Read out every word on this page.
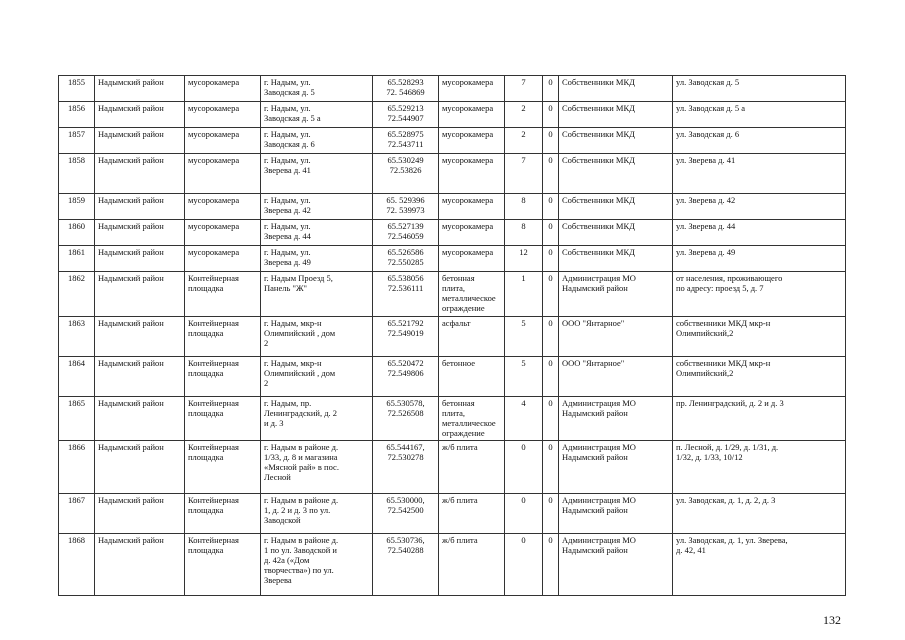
1855	Надымский район	мусорокамера	г. Надым, ул.
Заводская д. 5	65.528293
72. 546869	мусорокамера	7	0	Собственники МКД	ул. Заводская д. 5
1856	Надымский район	мусорокамера	г. Надым, ул.
Заводская д. 5 а	65.529213
72.544907	мусорокамера	2	0	Собственники МКД	ул. Заводская д. 5 а
1857	Надымский район	мусорокамера	г. Надым, ул.
Заводская д. 6	65.528975
72.543711	мусорокамера	2	0	Собственники МКД	ул. Заводская д. 6
1858	Надымский район	мусорокамера	г. Надым, ул.
Зверева д. 41	65.530249
72.53826	мусорокамера	7	0	Собственники МКД	ул. Зверева д. 41
1859	Надымский район	мусорокамера	г. Надым, ул.
Зверева д. 42	65. 529396
72. 539973	мусорокамера	8	0	Собственники МКД	ул. Зверева д. 42
1860	Надымский район	мусорокамера	г. Надым, ул.
Зверева д. 44	65.527139
72.546059	мусорокамера	8	0	Собственники МКД	ул. Зверева д. 44
1861	Надымский район	мусорокамера	г. Надым, ул.
Зверева д. 49	65.526586
72.550285	мусорокамера	12	0	Собственники МКД	ул. Зверева д. 49
1862	Надымский район	Контейнерная
площадка	г. Надым Проезд 5,
Панель "Ж"	65.538056
72.536111	бетонная
плита,
металлическое
ограждение	1	0	Администрация МО
Надымский район	от населения, проживающего
по адресу: проезд 5, д. 7
1863	Надымский район	Контейнерная
площадка	г. Надым, мкр-н
Олимпийский , дом
2	65.521792
72.549019	асфальт	5	0	ООО "Янтарное"	собственники МКД мкр-н
Олимпийский,2
1864	Надымский район	Контейнерная
площадка	г. Надым, мкр-н
Олимпийский , дом
2	65.520472
72.549806	бетонное	5	0	ООО "Янтарное"	собственники МКД мкр-н
Олимпийский,2
1865	Надымский район	Контейнерная
площадка	г. Надым, пр.
Ленинградский, д. 2
и д. 3	65.530578,
72.526508	бетонная
плита,
металлическое
ограждение	4	0	Администрация МО
Надымский район	пр. Ленинградский, д. 2 и д. 3
1866	Надымский район	Контейнерная
площадка	г. Надым в районе д.
1/33, д. 8 и магазина
«Мясной рай» в пос.
Лесной	65.544167,
72.530278	ж/б плита	0	0	Администрация МО
Надымский район	п. Лесной, д. 1/29, д. 1/31, д.
1/32, д. 1/33, 10/12
1867	Надымский район	Контейнерная
площадка	г. Надым в районе д.
1, д. 2 и д. 3 по ул.
Заводской	65.530000,
72.542500	ж/б плита	0	0	Администрация МО
Надымский район	ул. Заводская, д. 1, д. 2, д. 3
1868	Надымский район	Контейнерная
площадка	г. Надым в районе д.
1 по ул. Заводской и
д. 42а («Дом
творчества») по ул.
Зверева	65.530736,
72.540288	ж/б плита	0	0	Администрация МО
Надымский район	ул. Заводская, д. 1, ул. Зверева,
д. 42, 41
132
